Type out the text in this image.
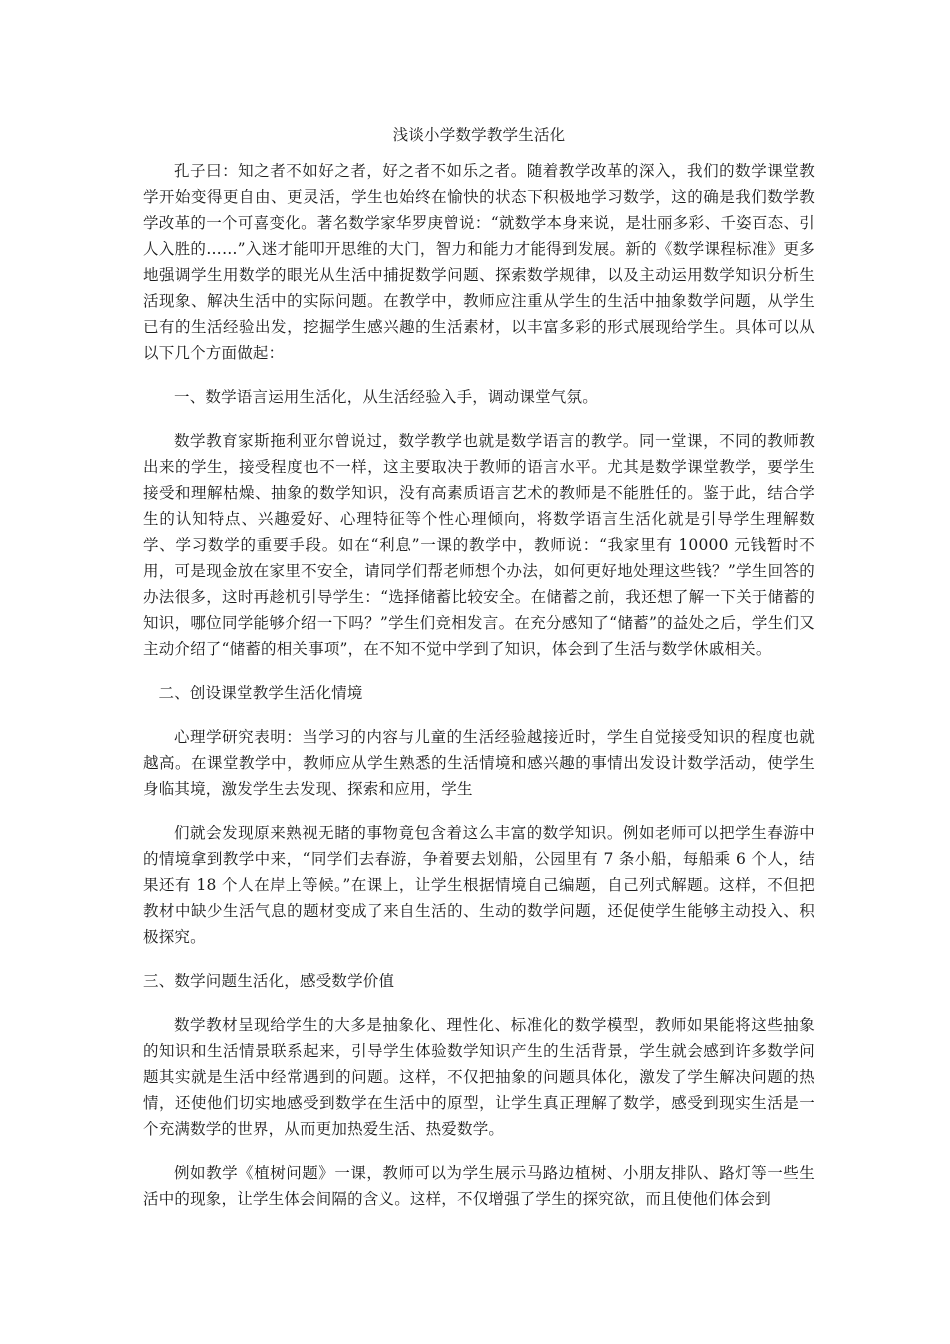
浅谈小学数学教学生活化

孔子曰：知之者不如好之者，好之者不如乐之者。随着教学改革的深入，我们的数学课堂教学开始变得更自由、更灵活，学生也始终在愉快的状态下积极地学习数学，这的确是我们数学教学改革的一个可喜变化。著名数学家华罗庚曾说：“就数学本身来说，是壮丽多彩、千姿百态、引人入胜的……”入迷才能叩开思维的大门，智力和能力才能得到发展。新的《数学课程标准》更多地强调学生用数学的眼光从生活中捕捉数学问题、探索数学规律，以及主动运用数学知识分析生活现象、解决生活中的实际问题。在教学中，教师应注重从学生的生活中抽象数学问题，从学生已有的生活经验出发，挖掘学生感兴趣的生活素材，以丰富多彩的形式展现给学生。具体可以从以下几个方面做起：

一、数学语言运用生活化，从生活经验入手，调动课堂气氛。

数学教育家斯拖利亚尔曾说过，数学教学也就是数学语言的教学。同一堂课，不同的教师教出来的学生，接受程度也不一样，这主要取决于教师的语言水平。尤其是数学课堂教学，要学生接受和理解枯燥、抽象的数学知识，没有高素质语言艺术的教师是不能胜任的。鉴于此，结合学生的认知特点、兴趣爱好、心理特征等个性心理倾向，将数学语言生活化就是引导学生理解数学、学习数学的重要手段。如在“利息”一课的教学中，教师说：“我家里有 10000 元钱暂时不用，可是现金放在家里不安全，请同学们帮老师想个办法，如何更好地处理这些钱？”学生回答的办法很多，这时再趁机引导学生：“选择储蓄比较安全。在储蓄之前，我还想了解一下关于储蓄的知识，哪位同学能够介绍一下吗？”学生们竞相发言。在充分感知了“储蓄”的益处之后，学生们又主动介绍了“储蓄的相关事项”，在不知不觉中学到了知识，体会到了生活与数学休戚相关。

二、创设课堂教学生活化情境

心理学研究表明：当学习的内容与儿童的生活经验越接近时，学生自觉接受知识的程度也就越高。在课堂教学中，教师应从学生熟悉的生活情境和感兴趣的事情出发设计数学活动，使学生身临其境，激发学生去发现、探索和应用，学生

们就会发现原来熟视无睹的事物竟包含着这么丰富的数学知识。例如老师可以把学生春游中的情境拿到教学中来，“同学们去春游，争着要去划船，公园里有 7 条小船，每船乘 6 个人，结果还有 18 个人在岸上等候。”在课上，让学生根据情境自己编题，自己列式解题。这样，不但把教材中缺少生活气息的题材变成了来自生活的、生动的数学问题，还促使学生能够主动投入、积极探究。

三、数学问题生活化，感受数学价值

数学教材呈现给学生的大多是抽象化、理性化、标准化的数学模型，教师如果能将这些抽象的知识和生活情景联系起来，引导学生体验数学知识产生的生活背景，学生就会感到许多数学问题其实就是生活中经常遇到的问题。这样，不仅把抽象的问题具体化，激发了学生解决问题的热情，还使他们切实地感受到数学在生活中的原型，让学生真正理解了数学，感受到现实生活是一个充满数学的世界，从而更加热爱生活、热爱数学。

例如教学《植树问题》一课，教师可以为学生展示马路边植树、小朋友排队、路灯等一些生活中的现象，让学生体会间隔的含义。这样，不仅增强了学生的探究欲，而且使他们体会到
